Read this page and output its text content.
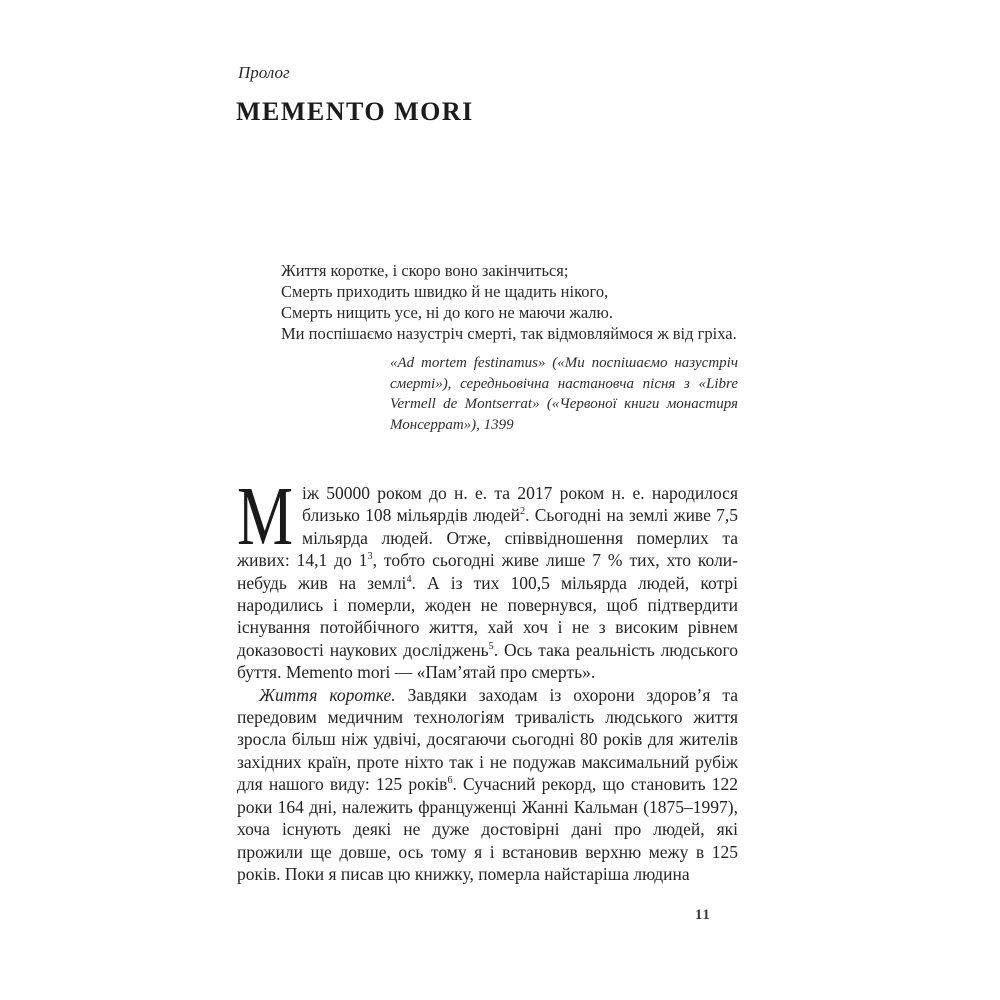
Пролог
MEMENTO MORI
Життя коротке, і скоро воно закінчиться;
Смерть приходить швидко й не щадить нікого,
Смерть нищить усе, ні до кого не маючи жалю.
Ми поспішаємо назустріч смерті, так відмовляймося ж від гріха.
«Ad mortem festinamus» («Ми поспішаємо назустріч смерті»), середньовічна настановча пісня з «Libre Vermell de Montserrat» («Червоної книги монастиря Монсеррат»), 1399

Між 50000 роком до н. е. та 2017 роком н. е. народилося близько 108 мільярдів людей$^2$. Сьогодні на землі живе 7,5 мільярда людей. Отже, співвідношення померлих та живих: 14,1 до $1^3$, тобто сьогодні живе лише 7 % тих, хто коли-небудь жив на землі$^4$. А із тих 100,5 мільярда людей, котрі народились і померли, жоден не повернувся, щоб підтвердити існування потойбічного життя, хай хоч і не з високим рівнем доказовості наукових досліджень$^5$. Ось така реальність людського буття. Memento mori — «Пам’ятай про смерть».

Життя коротке. Завдяки заходам із охорони здоров’я та передовим медичним технологіям тривалість людського життя зросла більш ніж удвічі, досягаючи сьогодні 80 років для жителів західних країн, проте ніхто так і не подужав максимальний рубіж для нашого виду: 125 років$^6$. Сучасний рекорд, що становить 122 роки 164 дні, належить француженці Жанні Кальман (1875–1997), хоча існують деякі не дуже достовірні дані про людей, які прожили ще довше, ось тому я і встановив верхню межу в 125 років. Поки я писав цю книжку, померла найстаріша людина

11
